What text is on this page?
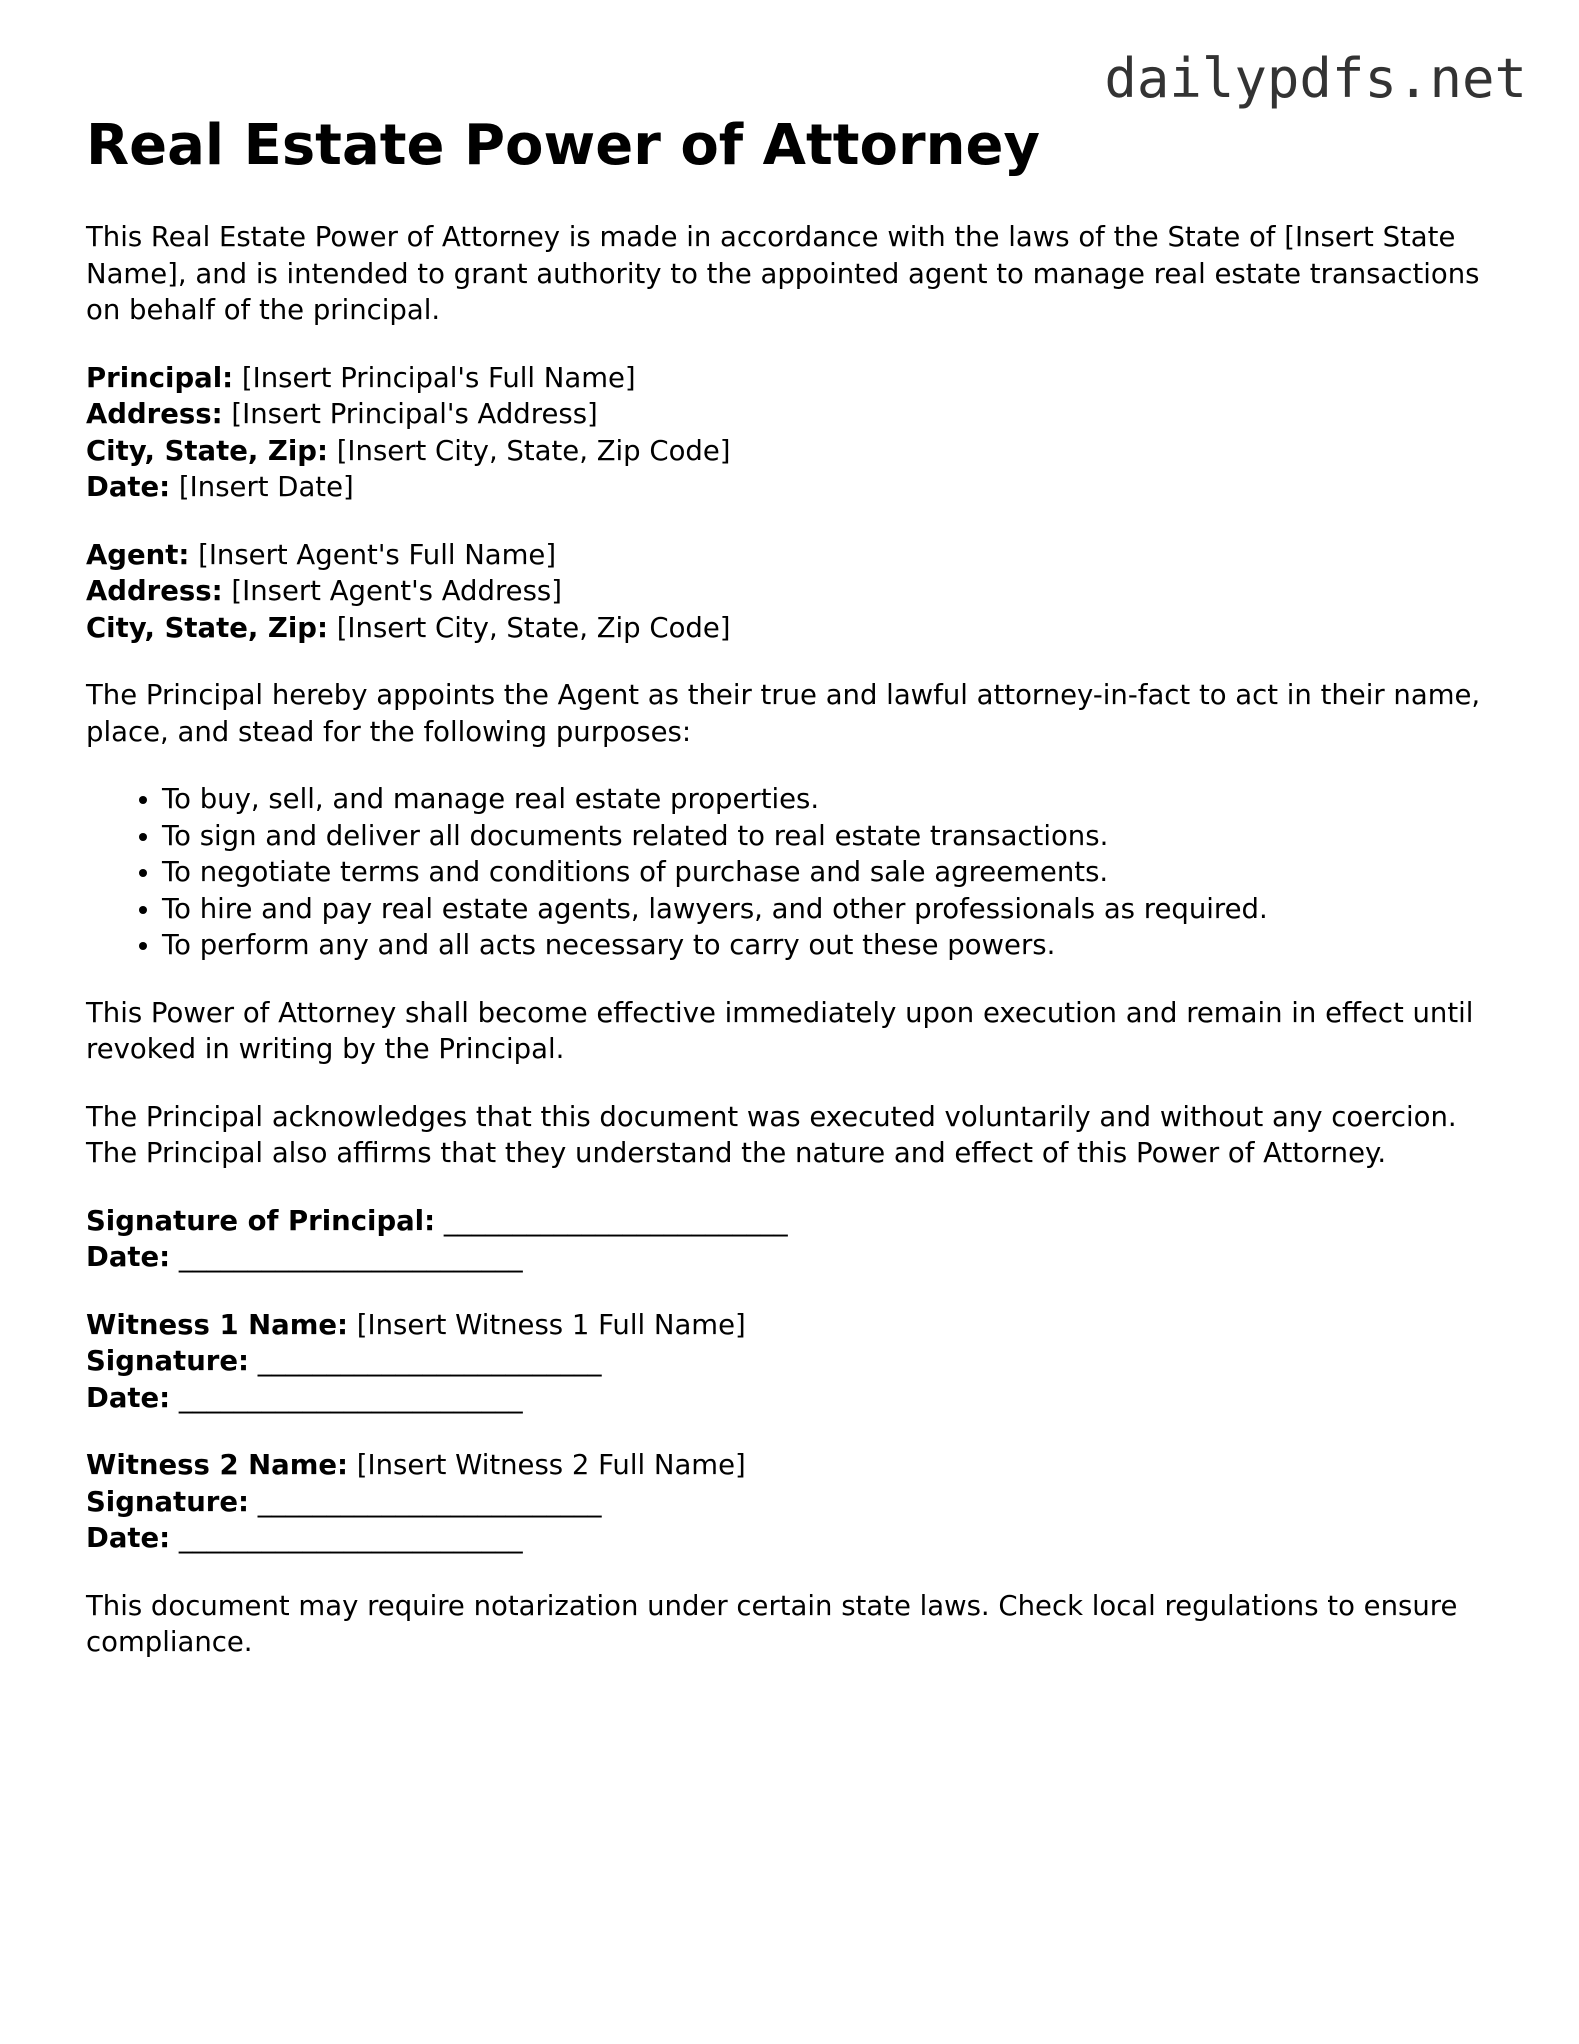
dailypdfs.net
Real Estate Power of Attorney

This Real Estate Power of Attorney is made in accordance with the laws of the State of [Insert State Name], and is intended to grant authority to the appointed agent to manage real estate transactions on behalf of the principal.

Principal: [Insert Principal's Full Name]
Address: [Insert Principal's Address]
City, State, Zip: [Insert City, State, Zip Code]
Date: [Insert Date]
Agent: [Insert Agent's Full Name]
Address: [Insert Agent's Address]
City, State, Zip: [Insert City, State, Zip Code]

The Principal hereby appoints the Agent as their true and lawful attorney-in-fact to act in their name, place, and stead for the following purposes:

• To buy, sell, and manage real estate properties.
• To sign and deliver all documents related to real estate transactions.
• To negotiate terms and conditions of purchase and sale agreements.
• To hire and pay real estate agents, lawyers, and other professionals as required.
• To perform any and all acts necessary to carry out these powers.

This Power of Attorney shall become effective immediately upon execution and remain in effect until revoked in writing by the Principal.

The Principal acknowledges that this document was executed voluntarily and without any coercion. The Principal also affirms that they understand the nature and effect of this Power of Attorney.

Signature of Principal: _________________________
Date: _________________________
Witness 1 Name: [Insert Witness 1 Full Name]
Signature: _________________________
Date: _________________________
Witness 2 Name: [Insert Witness 2 Full Name]
Signature: _________________________
Date: _________________________

This document may require notarization under certain state laws. Check local regulations to ensure compliance.
